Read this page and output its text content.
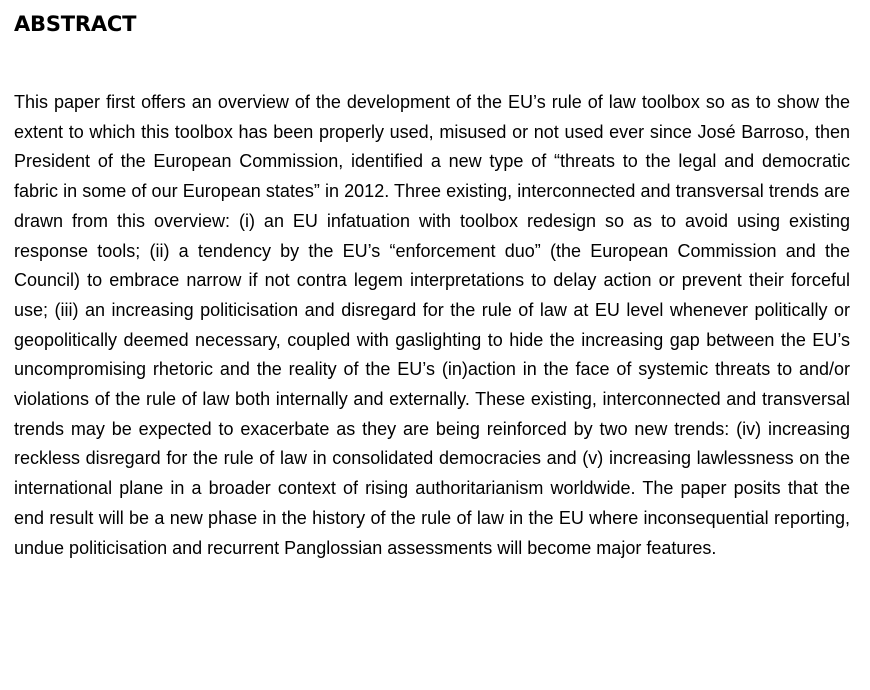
ABSTRACT

This paper first offers an overview of the development of the EU’s rule of law toolbox so as to show the extent to which this toolbox has been properly used, misused or not used ever since José Barroso, then President of the European Commission, identified a new type of “threats to the legal and democratic fabric in some of our European states” in 2012. Three existing, interconnected and transversal trends are drawn from this overview: (i) an EU infatuation with toolbox redesign so as to avoid using existing response tools; (ii) a tendency by the EU’s “enforcement duo” (the European Commission and the Council) to embrace narrow if not contra legem interpretations to delay action or prevent their forceful use; (iii) an increasing politicisation and disregard for the rule of law at EU level whenever politically or geopolitically deemed necessary, coupled with gaslighting to hide the increasing gap between the EU’s uncompromising rhetoric and the reality of the EU’s (in)action in the face of systemic threats to and/or violations of the rule of law both internally and externally. These existing, interconnected and transversal trends may be expected to exacerbate as they are being reinforced by two new trends: (iv) increasing reckless disregard for the rule of law in consolidated democracies and (v) increasing lawlessness on the international plane in a broader context of rising authoritarianism worldwide. The paper posits that the end result will be a new phase in the history of the rule of law in the EU where inconsequential reporting, undue politicisation and recurrent Panglossian assessments will become major features.
